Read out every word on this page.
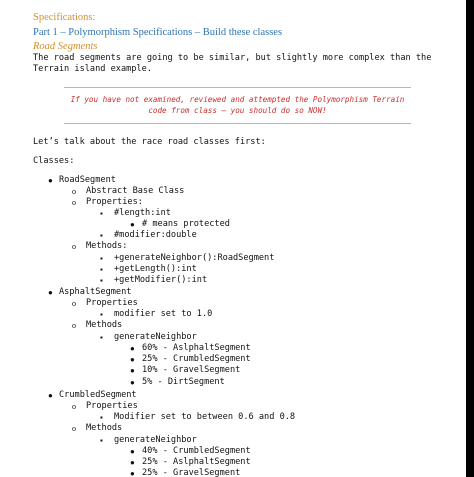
Specifications:
Part 1 – Polymorphism Specifications – Build these classes
Road Segments
The road segments are going to be similar, but slightly more complex than the Terrain island example.
If you have not examined, reviewed and attempted the Polymorphism Terrain
code from class – you should do so NOW!
Let’s talk about the race road classes first:
Classes:
● RoadSegment
o Abstract Base Class
o Properties:
▪ #length:int
● # means protected
▪ #modifier:double
o Methods:
▪ +generateNeighbor():RoadSegment
▪ +getLength():int
▪ +getModifier():int
● AsphaltSegment
o Properties
▪ modifier set to 1.0
o Methods
▪ generateNeighbor
● 60% - AslphaltSegment
● 25% - CrumbledSegment
● 10% - GravelSegment
● 5% - DirtSegment
● CrumbledSegment
o Properties
▪ Modifier set to between 0.6 and 0.8
o Methods
▪ generateNeighbor
● 40% - CrumbledSegment
● 25% - AslphaltSegment
● 25% - GravelSegment
